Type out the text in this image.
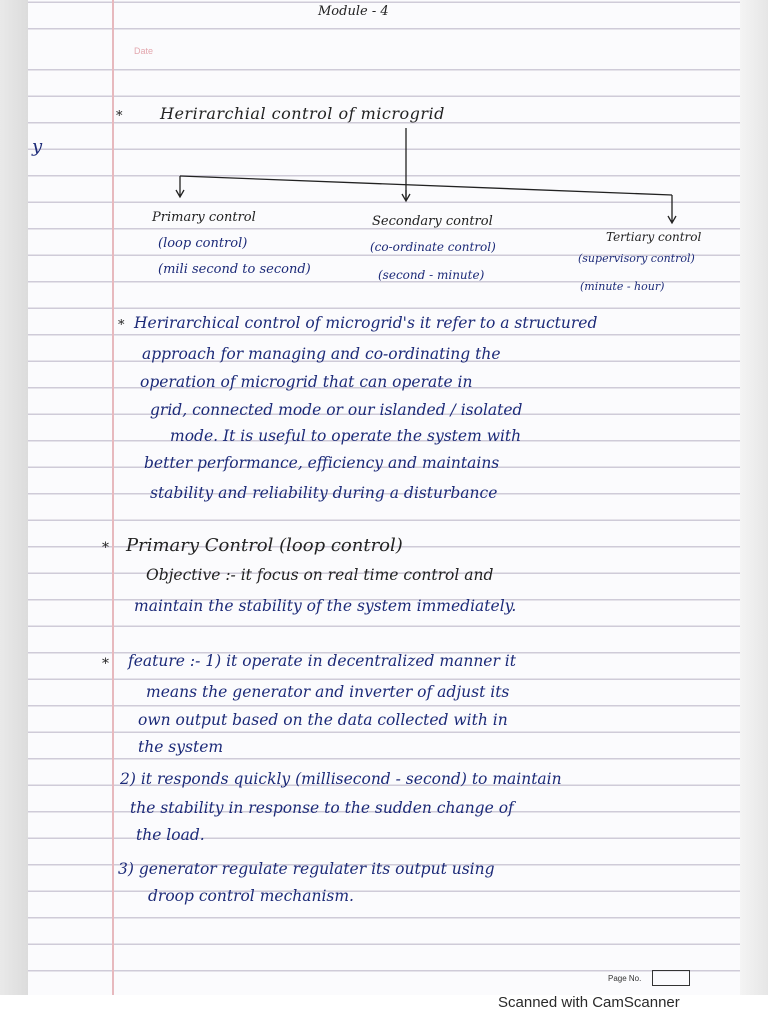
Module - 4
Date
* Herirarchial control of microgrid
y
Primary control
(loop control)
(mili second to second)
Secondary control
(co-ordinate control)
(second - minute)
Tertiary control
(supervisory control)
(minute - hour)
* Herirarchical control of microgrid's it refer to a structured
approach for managing and co-ordinating the
operation of microgrid that can operate in
grid, connected mode or our islanded / isolated
mode. It is useful to operate the system with
better performance, efficiency and maintains
stability and reliability during a disturbance
* Primary Control (loop control)
Objective :- it focus on real time control and
maintain the stability of the system immediately.
* feature :- 1) it operate in decentralized manner it
means the generator and inverter of adjust its
own output based on the data collected with in
the system
2) it responds quickly (millisecond - second) to maintain
the stability in response to the sudden change of
the load.
3) generator regulate regulater its output using
droop control mechanism.
Page No.
Scanned with CamScanner
